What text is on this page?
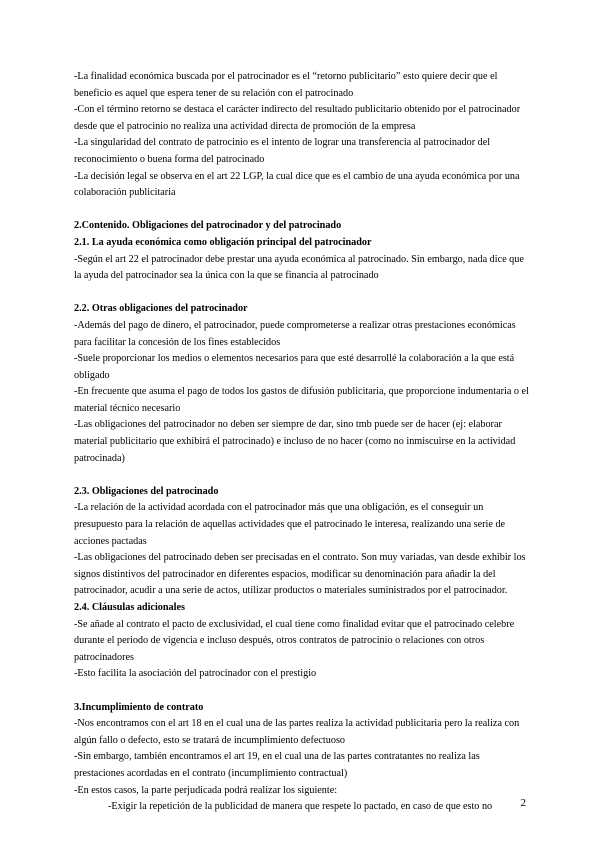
-La finalidad económica buscada por el patrocinador es el “retorno publicitario” esto quiere decir que el beneficio es aquel que espera tener de su relación con el patrocinado

-Con el término retorno se destaca el carácter indirecto del resultado publicitario obtenido por el patrocinador desde que el patrocinio no realiza una actividad directa de promoción de la empresa

-La singularidad del contrato de patrocinio es el intento de lograr una transferencia al patrocinador del reconocimiento o buena forma del patrocinado

-La decisión legal se observa en el art 22 LGP, la cual dice que es el cambio de una ayuda económica por una colaboración publicitaria

2.Contenido. Obligaciones del patrocinador y del patrocinado

2.1. La ayuda económica como obligación principal del patrocinador

-Según el art 22 el patrocinador debe prestar una ayuda económica al patrocinado. Sin embargo, nada dice que la ayuda del patrocinador sea la única con la que se financia al patrocinado

2.2. Otras obligaciones del patrocinador

-Además del pago de dinero, el patrocinador, puede comprometerse a realizar otras prestaciones económicas para facilitar la concesión de los fines establecidos

-Suele proporcionar los medios o elementos necesarios para que esté desarrollé la colaboración a la que está obligado

-En frecuente que asuma el pago de todos los gastos de difusión publicitaria, que proporcione indumentaria o el material técnico necesario

-Las obligaciones del patrocinador no deben ser siempre de dar, sino tmb puede ser de hacer (ej: elaborar material publicitario que exhibirá el patrocinado) e incluso de no hacer (como no inmiscuirse en la actividad patrocinada)

2.3. Obligaciones del patrocinado

-La relación de la actividad acordada con el patrocinador más que una obligación, es el conseguir un presupuesto para la relación de aquellas actividades que el patrocinado le interesa, realizando una serie de acciones pactadas

-Las obligaciones del patrocinado deben ser precisadas en el contrato. Son muy variadas, van desde exhibir los signos distintivos del patrocinador en diferentes espacios, modificar su denominación para añadir la del patrocinador, acudir a una serie de actos, utilizar productos o materiales suministrados por el patrocinador.

2.4. Cláusulas adicionales

-Se añade al contrato el pacto de exclusividad, el cual tiene como finalidad evitar que el patrocinado celebre durante el periodo de vigencia e incluso después, otros contratos de patrocinio o relaciones con otros patrocinadores

-Esto facilita la asociación del patrocinador con el prestigio

3.Incumplimiento de contrato

-Nos encontramos con el art 18 en el cual una de las partes realiza la actividad publicitaria pero la realiza con algún fallo o defecto, esto se tratará de incumplimiento defectuoso

-Sin embargo, también encontramos el art 19, en el cual una de las partes contratantes no realiza las prestaciones acordadas en el contrato (incumplimiento contractual)

-En estos casos, la parte perjudicada podrá realizar los siguiente:

-Exigir la repetición de la publicidad de manera que respete lo pactado, en caso de que esto no	2
